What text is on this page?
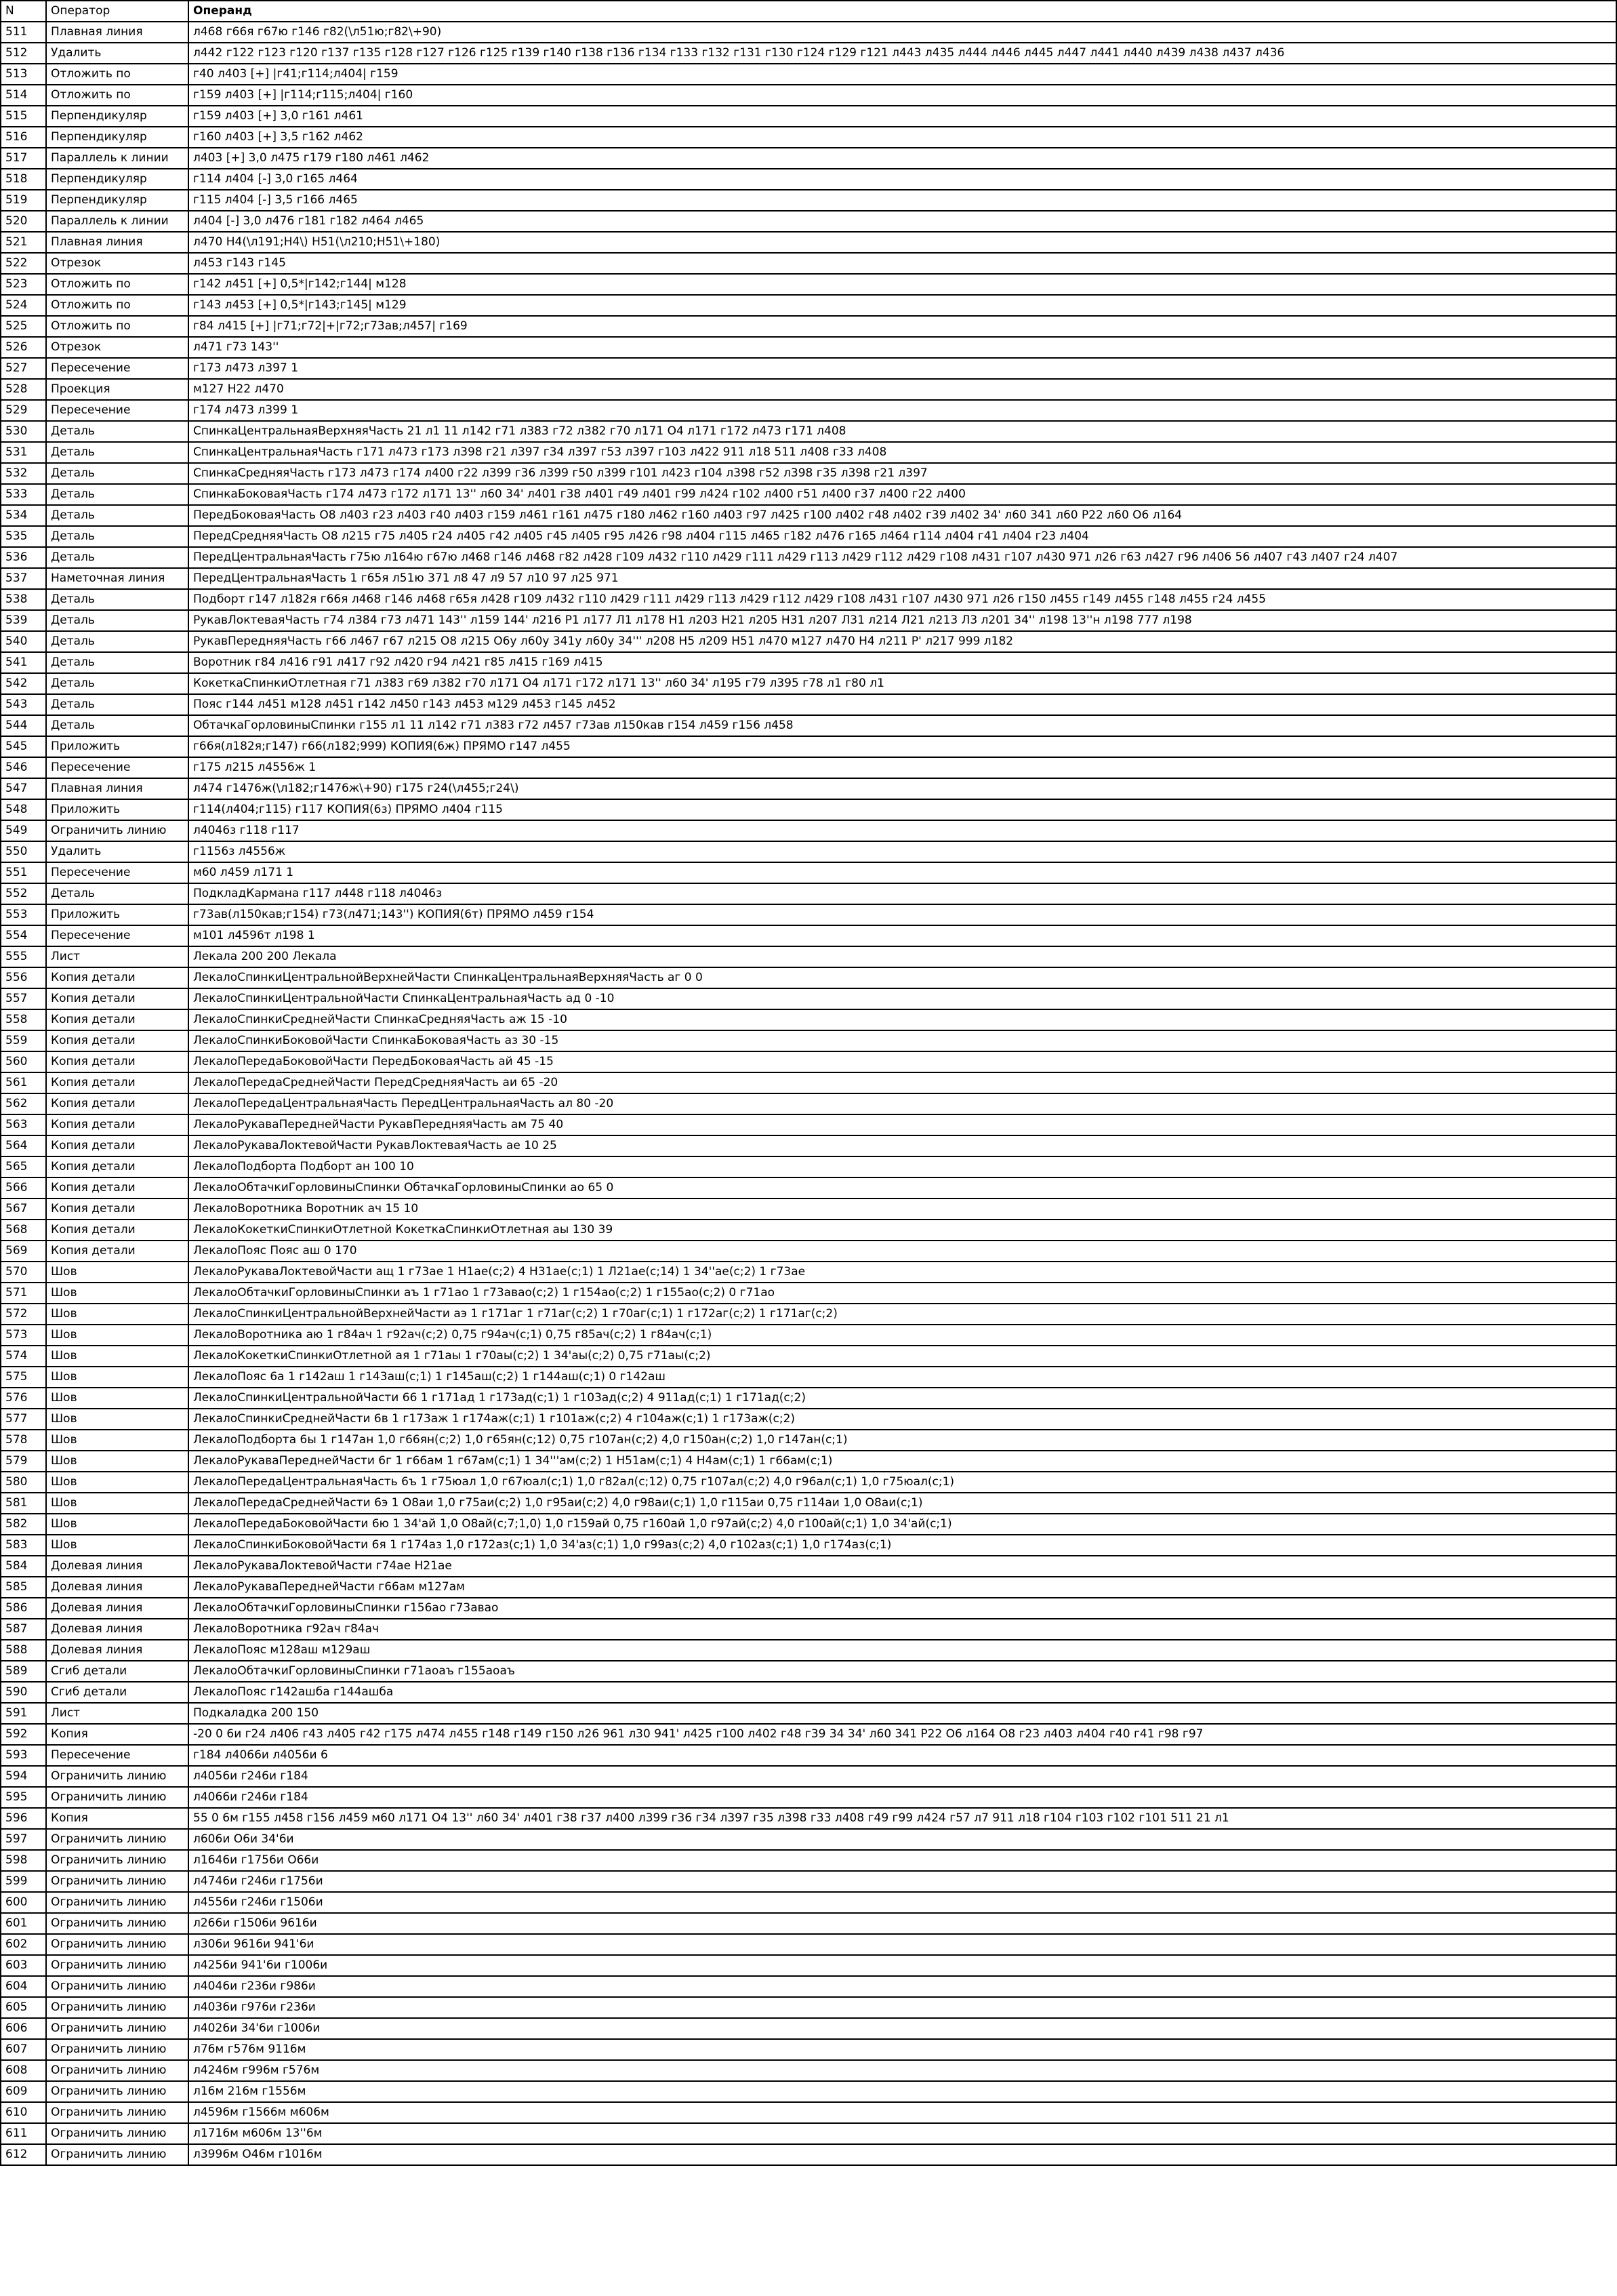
N	Оператор	Операнд
511	Плавная линия	л468 г66я г67ю г146 г82(\л51ю;г82\+90)
512	Удалить	л442 г122 г123 г120 г137 г135 г128 г127 г126 г125 г139 г140 г138 г136 г134 г133 г132 г131 г130 г124 г129 г121 л443 л435 л444 л446 л445 л447 л441 л440 л439 л438 л437 л436
513	Отложить по	г40 л403 [+] |г41;г114;л404| г159
514	Отложить по	г159 л403 [+] |г114;г115;л404| г160
515	Перпендикуляр	г159 л403 [+] 3,0 г161 л461
516	Перпендикуляр	г160 л403 [+] 3,5 г162 л462
517	Параллель к линии	л403 [+] 3,0 л475 г179 г180 л461 л462
518	Перпендикуляр	г114 л404 [-] 3,0 г165 л464
519	Перпендикуляр	г115 л404 [-] 3,5 г166 л465
520	Параллель к линии	л404 [-] 3,0 л476 г181 г182 л464 л465
521	Плавная линия	л470 Н4(\л191;Н4\) Н51(\л210;Н51\+180)
522	Отрезок	л453 г143 г145
523	Отложить по	г142 л451 [+] 0,5*|г142;г144| м128
524	Отложить по	г143 л453 [+] 0,5*|г143;г145| м129
525	Отложить по	г84 л415 [+] |г71;г72|+|г72;г73ав;л457| г169
526	Отрезок	л471 г73 143''
527	Пересечение	г173 л473 л397 1
528	Проекция	м127 Н22 л470
529	Пересечение	г174 л473 л399 1
530	Деталь	СпинкаЦентральнаяВерхняяЧасть 21 л1 11 л142 г71 л383 г72 л382 г70 л171 О4 л171 г172 л473 г171 л408
531	Деталь	СпинкаЦентральнаяЧасть г171 л473 г173 л398 г21 л397 г34 л397 г53 л397 г103 л422 911 л18 511 л408 г33 л408
532	Деталь	СпинкаСредняяЧасть г173 л473 г174 л400 г22 л399 г36 л399 г50 л399 г101 л423 г104 л398 г52 л398 г35 л398 г21 л397
533	Деталь	СпинкаБоковаяЧасть г174 л473 г172 л171 13'' л60 34' л401 г38 л401 г49 л401 г99 л424 г102 л400 г51 л400 г37 л400 г22 л400
534	Деталь	ПередБоковаяЧасть О8 л403 г23 л403 г40 л403 г159 л461 г161 л475 г180 л462 г160 л403 г97 л425 г100 л402 г48 л402 г39 л402 34' л60 341 л60 Р22 л60 О6 л164
535	Деталь	ПередСредняяЧасть О8 л215 г75 л405 г24 л405 г42 л405 г45 л405 г95 л426 г98 л404 г115 л465 г182 л476 г165 л464 г114 л404 г41 л404 г23 л404
536	Деталь	ПередЦентральнаяЧасть г75ю л164ю г67ю л468 г146 л468 г82 л428 г109 л432 г110 л429 г111 л429 г113 л429 г112 л429 г108 л431 г107 л430 971 л26 г63 л427 г96 л406 56 л407 г43 л407 г24 л407
537	Наметочная линия	ПередЦентральнаяЧасть 1 г65я л51ю 371 л8 47 л9 57 л10 97 л25 971
538	Деталь	Подборт г147 л182я г66я л468 г146 л468 г65я л428 г109 л432 г110 л429 г111 л429 г113 л429 г112 л429 г108 л431 г107 л430 971 л26 г150 л455 г149 л455 г148 л455 г24 л455
539	Деталь	РукавЛоктеваяЧасть г74 л384 г73 л471 143'' л159 144' л216 Р1 л177 Л1 л178 Н1 л203 Н21 л205 Н31 л207 Л31 л214 Л21 л213 Л3 л201 34'' л198 13''н л198 777 л198
540	Деталь	РукавПередняяЧасть г66 л467 г67 л215 О8 л215 О6у л60у 341у л60у 34''' л208 Н5 л209 Н51 л470 м127 л470 Н4 л211 Р' л217 999 л182
541	Деталь	Воротник г84 л416 г91 л417 г92 л420 г94 л421 г85 л415 г169 л415
542	Деталь	КокеткаСпинкиОтлетная г71 л383 г69 л382 г70 л171 О4 л171 г172 л171 13'' л60 34' л195 г79 л395 г78 л1 г80 л1
543	Деталь	Пояс г144 л451 м128 л451 г142 л450 г143 л453 м129 л453 г145 л452
544	Деталь	ОбтачкаГорловиныСпинки г155 л1 11 л142 г71 л383 г72 л457 г73ав л150кав г154 л459 г156 л458
545	Приложить	г66я(л182я;г147) г66(л182;999) КОПИЯ(6ж) ПРЯМО г147 л455
546	Пересечение	г175 л215 л4556ж 1
547	Плавная линия	л474 г1476ж(\л182;г1476ж\+90) г175 г24(\л455;г24\)
548	Приложить	г114(л404;г115) г117 КОПИЯ(6з) ПРЯМО л404 г115
549	Ограничить линию	л4046з г118 г117
550	Удалить	г1156з л4556ж
551	Пересечение	м60 л459 л171 1
552	Деталь	ПодкладКармана г117 л448 г118 л4046з
553	Приложить	г73ав(л150кав;г154) г73(л471;143'') КОПИЯ(6т) ПРЯМО л459 г154
554	Пересечение	м101 л4596т л198 1
555	Лист	Лекала 200 200 Лекала
556	Копия детали	ЛекалоСпинкиЦентральнойВерхнейЧасти СпинкаЦентральнаяВерхняяЧасть аг 0 0
557	Копия детали	ЛекалоСпинкиЦентральнойЧасти СпинкаЦентральнаяЧасть ад 0 -10
558	Копия детали	ЛекалоСпинкиСреднейЧасти СпинкаСредняяЧасть аж 15 -10
559	Копия детали	ЛекалоСпинкиБоковойЧасти СпинкаБоковаяЧасть аз 30 -15
560	Копия детали	ЛекалоПередаБоковойЧасти ПередБоковаяЧасть ай 45 -15
561	Копия детали	ЛекалоПередаСреднейЧасти ПередСредняяЧасть аи 65 -20
562	Копия детали	ЛекалоПередаЦентральнаяЧасть ПередЦентральнаяЧасть ал 80 -20
563	Копия детали	ЛекалоРукаваПереднейЧасти РукавПередняяЧасть ам 75 40
564	Копия детали	ЛекалоРукаваЛоктевойЧасти РукавЛоктеваяЧасть ае 10 25
565	Копия детали	ЛекалоПодборта Подборт ан 100 10
566	Копия детали	ЛекалоОбтачкиГорловиныСпинки ОбтачкаГорловиныСпинки ао 65 0
567	Копия детали	ЛекалоВоротника Воротник ач 15 10
568	Копия детали	ЛекалоКокеткиСпинкиОтлетной КокеткаСпинкиОтлетная аы 130 39
569	Копия детали	ЛекалоПояс Пояс аш 0 170
570	Шов	ЛекалоРукаваЛоктевойЧасти ащ 1 г73ае 1 Н1ае(с;2) 4 Н31ае(с;1) 1 Л21ае(с;14) 1 34''ае(с;2) 1 г73ае
571	Шов	ЛекалоОбтачкиГорловиныСпинки аъ 1 г71ао 1 г73авао(с;2) 1 г154ао(с;2) 1 г155ао(с;2) 0 г71ао
572	Шов	ЛекалоСпинкиЦентральнойВерхнейЧасти аэ 1 г171аг 1 г71аг(с;2) 1 г70аг(с;1) 1 г172аг(с;2) 1 г171аг(с;2)
573	Шов	ЛекалоВоротника аю 1 г84ач 1 г92ач(с;2) 0,75 г94ач(с;1) 0,75 г85ач(с;2) 1 г84ач(с;1)
574	Шов	ЛекалоКокеткиСпинкиОтлетной ая 1 г71аы 1 г70аы(с;2) 1 34'аы(с;2) 0,75 г71аы(с;2)
575	Шов	ЛекалоПояс 6а 1 г142аш 1 г143аш(с;1) 1 г145аш(с;2) 1 г144аш(с;1) 0 г142аш
576	Шов	ЛекалоСпинкиЦентральнойЧасти 66 1 г171ад 1 г173ад(с;1) 1 г103ад(с;2) 4 911ад(с;1) 1 г171ад(с;2)
577	Шов	ЛекалоСпинкиСреднейЧасти 6в 1 г173аж 1 г174аж(с;1) 1 г101аж(с;2) 4 г104аж(с;1) 1 г173аж(с;2)
578	Шов	ЛекалоПодборта 6ы 1 г147ан 1,0 г66ян(с;2) 1,0 г65ян(с;12) 0,75 г107ан(с;2) 4,0 г150ан(с;2) 1,0 г147ан(с;1)
579	Шов	ЛекалоРукаваПереднейЧасти 6г 1 г66ам 1 г67ам(с;1) 1 34'''ам(с;2) 1 Н51ам(с;1) 4 Н4ам(с;1) 1 г66ам(с;1)
580	Шов	ЛекалоПередаЦентральнаяЧасть 6ъ 1 г75юал 1,0 г67юал(с;1) 1,0 г82ал(с;12) 0,75 г107ал(с;2) 4,0 г96ал(с;1) 1,0 г75юал(с;1)
581	Шов	ЛекалоПередаСреднейЧасти 6э 1 О8аи 1,0 г75аи(с;2) 1,0 г95аи(с;2) 4,0 г98аи(с;1) 1,0 г115аи 0,75 г114аи 1,0 О8аи(с;1)
582	Шов	ЛекалоПередаБоковойЧасти 6ю 1 34'ай 1,0 О8ай(с;7;1,0) 1,0 г159ай 0,75 г160ай 1,0 г97ай(с;2) 4,0 г100ай(с;1) 1,0 34'ай(с;1)
583	Шов	ЛекалоСпинкиБоковойЧасти 6я 1 г174аз 1,0 г172аз(с;1) 1,0 34'аз(с;1) 1,0 г99аз(с;2) 4,0 г102аз(с;1) 1,0 г174аз(с;1)
584	Долевая линия	ЛекалоРукаваЛоктевойЧасти г74ае Н21ае
585	Долевая линия	ЛекалоРукаваПереднейЧасти г66ам м127ам
586	Долевая линия	ЛекалоОбтачкиГорловиныСпинки г156ао г73авао
587	Долевая линия	ЛекалоВоротника г92ач г84ач
588	Долевая линия	ЛекалоПояс м128аш м129аш
589	Сгиб детали	ЛекалоОбтачкиГорловиныСпинки г71аоаъ г155аоаъ
590	Сгиб детали	ЛекалоПояс г142ашба г144ашба
591	Лист	Подкаладка 200 150
592	Копия	-20 0 6и г24 л406 г43 л405 г42 г175 л474 л455 г148 г149 г150 л26 961 л30 941' л425 г100 л402 г48 г39 34 34' л60 341 Р22 О6 л164 О8 г23 л403 л404 г40 г41 г98 г97
593	Пересечение	г184 л4066и л4056и 6
594	Ограничить линию	л4056и г246и г184
595	Ограничить линию	л4066и г246и г184
596	Копия	55 0 6м г155 л458 г156 л459 м60 л171 О4 13'' л60 34' л401 г38 г37 л400 л399 г36 г34 л397 г35 л398 г33 л408 г49 г99 л424 г57 л7 911 л18 г104 г103 г102 г101 511 21 л1
597	Ограничить линию	л606и О6и 34'6и
598	Ограничить линию	л1646и г1756и О66и
599	Ограничить линию	л4746и г246и г1756и
600	Ограничить линию	л4556и г246и г1506и
601	Ограничить линию	л266и г1506и 9616и
602	Ограничить линию	л306и 9616и 941'6и
603	Ограничить линию	л4256и 941'6и г1006и
604	Ограничить линию	л4046и г236и г986и
605	Ограничить линию	л4036и г976и г236и
606	Ограничить линию	л4026и 34'6и г1006и
607	Ограничить линию	л76м г576м 9116м
608	Ограничить линию	л4246м г996м г576м
609	Ограничить линию	л16м 216м г1556м
610	Ограничить линию	л4596м г1566м м606м
611	Ограничить линию	л1716м м606м 13''6м
612	Ограничить линию	л3996м О46м г1016м
